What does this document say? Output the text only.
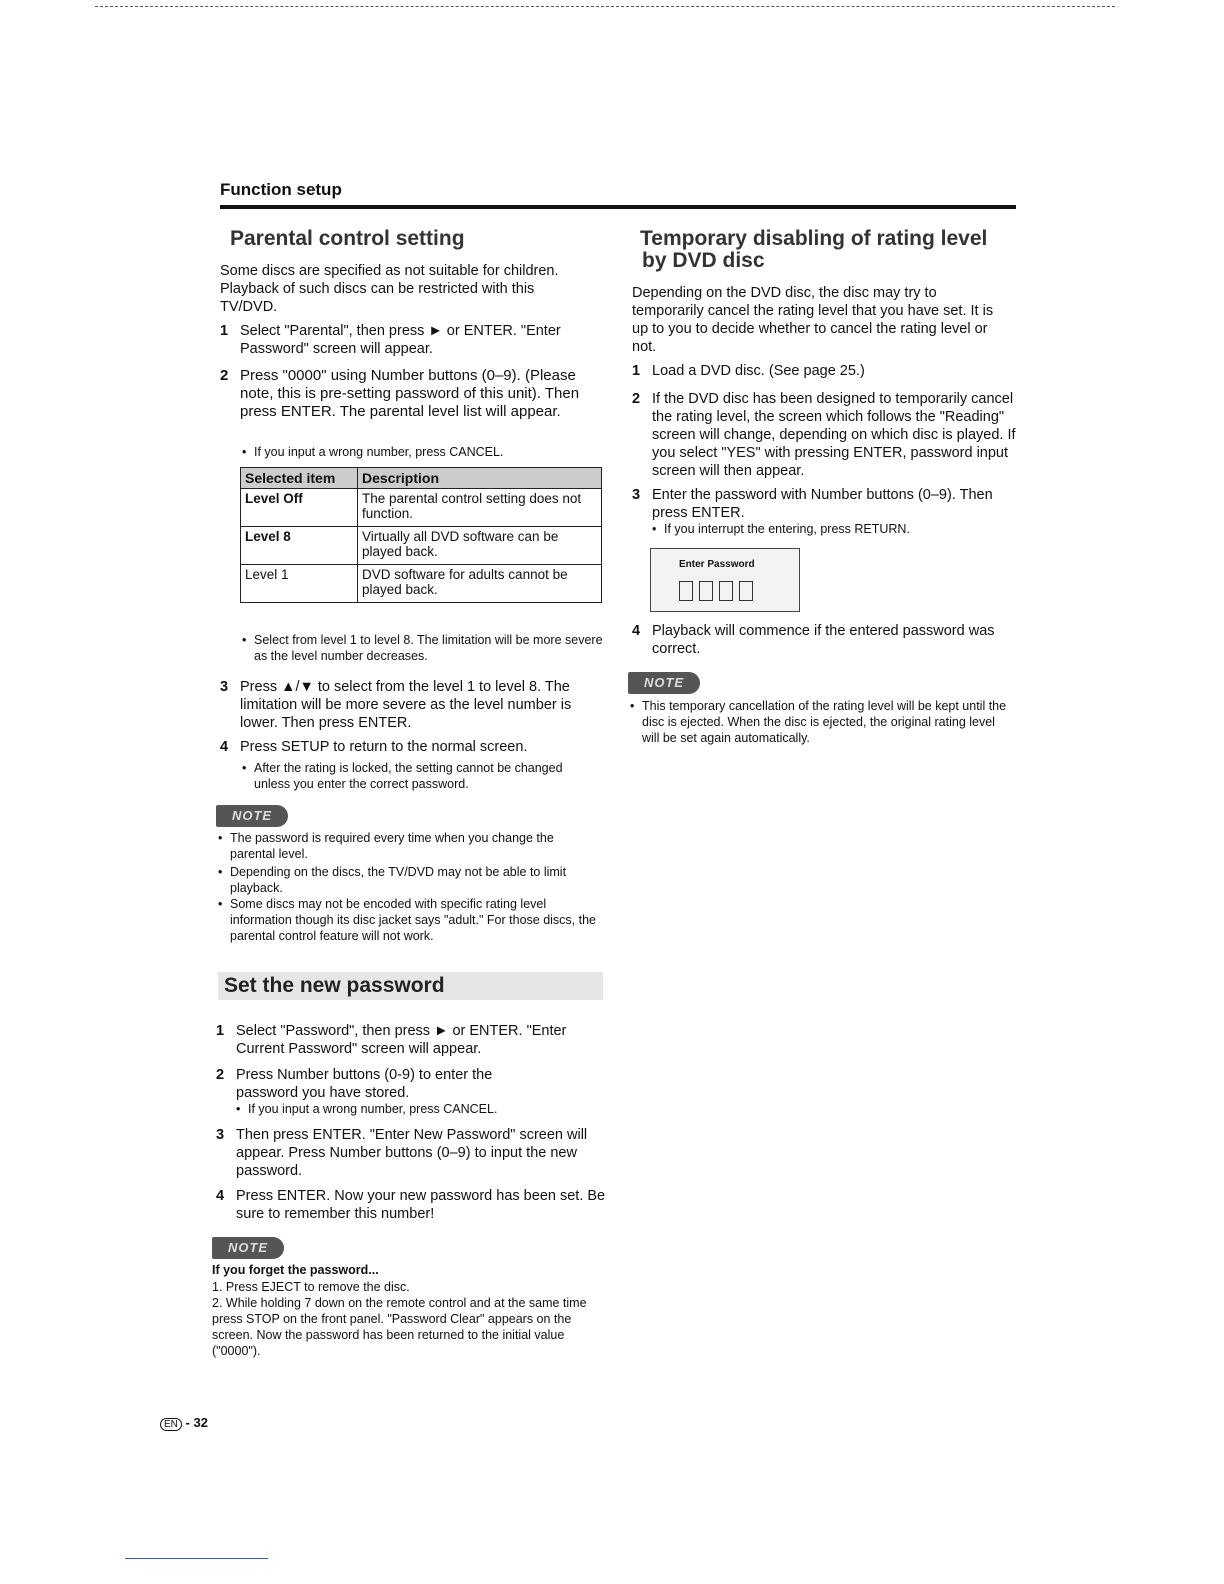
Function setup
Parental control setting
Some discs are specified as not suitable for children. Playback of such discs can be restricted with this TV/DVD.
1 Select "Parental", then press ► or ENTER. "Enter Password" screen will appear.
2 Press "0000" using Number buttons (0–9). (Please note, this is pre-setting password of this unit). Then press ENTER. The parental level list will appear.
• If you input a wrong number, press CANCEL.
Selected item	Description
Level Off	The parental control setting does not function.
Level 8	Virtually all DVD software can be played back.
Level 1	DVD software for adults cannot be played back.
• Select from level 1 to level 8. The limitation will be more severe as the level number decreases.
3 Press ▲/▼ to select from the level 1 to level 8. The limitation will be more severe as the level number is lower. Then press ENTER.
4 Press SETUP to return to the normal screen.
• After the rating is locked, the setting cannot be changed unless you enter the correct password.
NOTE
• The password is required every time when you change the parental level.
• Depending on the discs, the TV/DVD may not be able to limit playback.
• Some discs may not be encoded with specific rating level information though its disc jacket says "adult." For those discs, the parental control feature will not work.
Set the new password
1 Select "Password", then press ► or ENTER. "Enter Current Password" screen will appear.
2 Press Number buttons (0-9) to enter the password you have stored.
• If you input a wrong number, press CANCEL.
3 Then press ENTER. "Enter New Password" screen will appear. Press Number buttons (0–9) to input the new password.
4 Press ENTER. Now your new password has been set. Be sure to remember this number!
NOTE
If you forget the password...
1. Press EJECT to remove the disc.
2. While holding 7 down on the remote control and at the same time press STOP on the front panel. "Password Clear" appears on the screen. Now the password has been returned to the initial value ("0000").
Temporary disabling of rating level
by DVD disc
Depending on the DVD disc, the disc may try to temporarily cancel the rating level that you have set. It is up to you to decide whether to cancel the rating level or not.
1 Load a DVD disc. (See page 25.)
2 If the DVD disc has been designed to temporarily cancel the rating level, the screen which follows the "Reading" screen will change, depending on which disc is played. If you select "YES" with pressing ENTER, password input screen will then appear.
3 Enter the password with Number buttons (0–9). Then press ENTER.
• If you interrupt the entering, press RETURN.
Enter Password
4 Playback will commence if the entered password was correct.
NOTE
• This temporary cancellation of the rating level will be kept until the disc is ejected. When the disc is ejected, the original rating level will be set again automatically.
EN - 32
